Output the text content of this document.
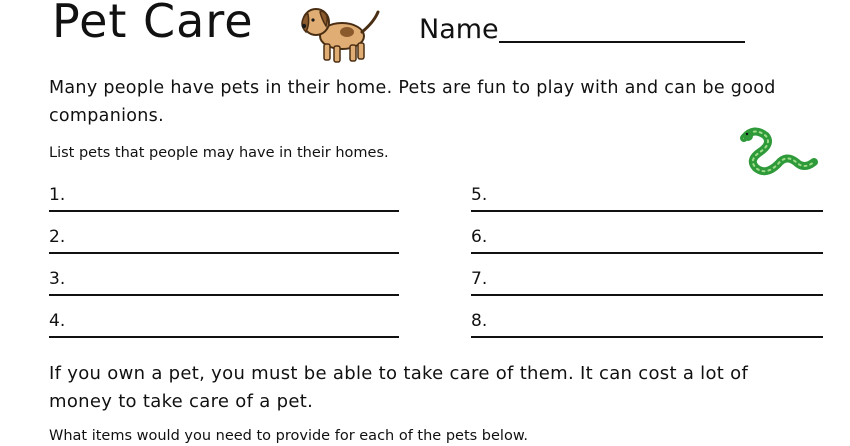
Pet Care	Name
Many people have pets in their home. Pets are fun to play with and can be good companions.
List pets that people may have in their homes.
1.
2.
3.
4.
5.
6.
7.
8.
If you own a pet, you must be able to take care of them. It can cost a lot of money to take care of a pet.
What items would you need to provide for each of the pets below.
